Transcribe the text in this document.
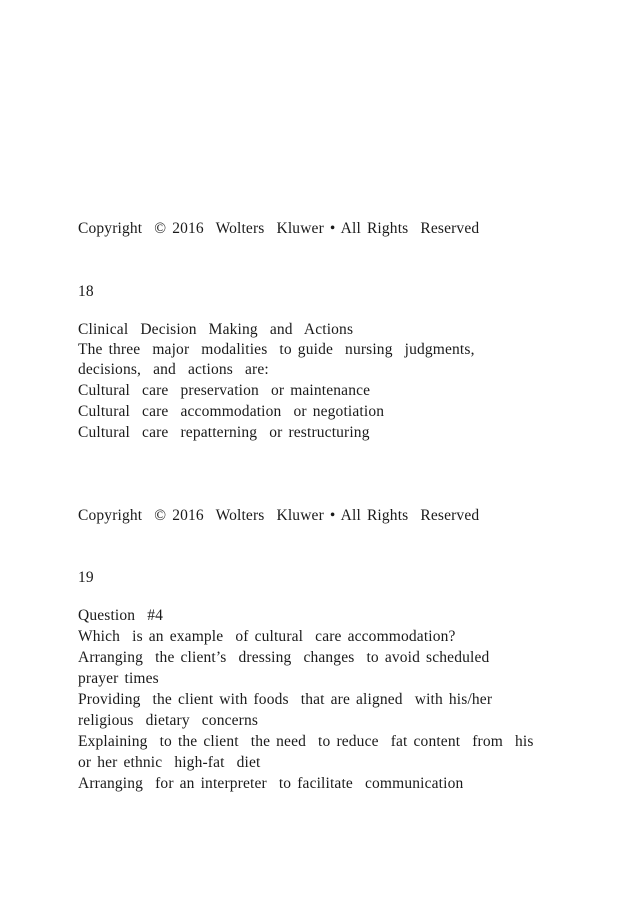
Copyright  © 2016  Wolters  Kluwer • All Rights  Reserved
18
Clinical  Decision  Making  and  Actions
The three  major  modalities  to guide  nursing  judgments,
decisions,  and  actions  are:
Cultural  care  preservation  or maintenance
Cultural  care  accommodation  or negotiation
Cultural  care  repatterning  or restructuring
Copyright  © 2016  Wolters  Kluwer • All Rights  Reserved
19
Question  #4
Which  is an example  of cultural  care accommodation?
Arranging  the client’s  dressing  changes  to avoid scheduled
prayer times
Providing  the client with foods  that are aligned  with his/her
religious  dietary  concerns
Explaining  to the client  the need  to reduce  fat content  from  his
or her ethnic  high-fat  diet
Arranging  for an interpreter  to facilitate  communication
